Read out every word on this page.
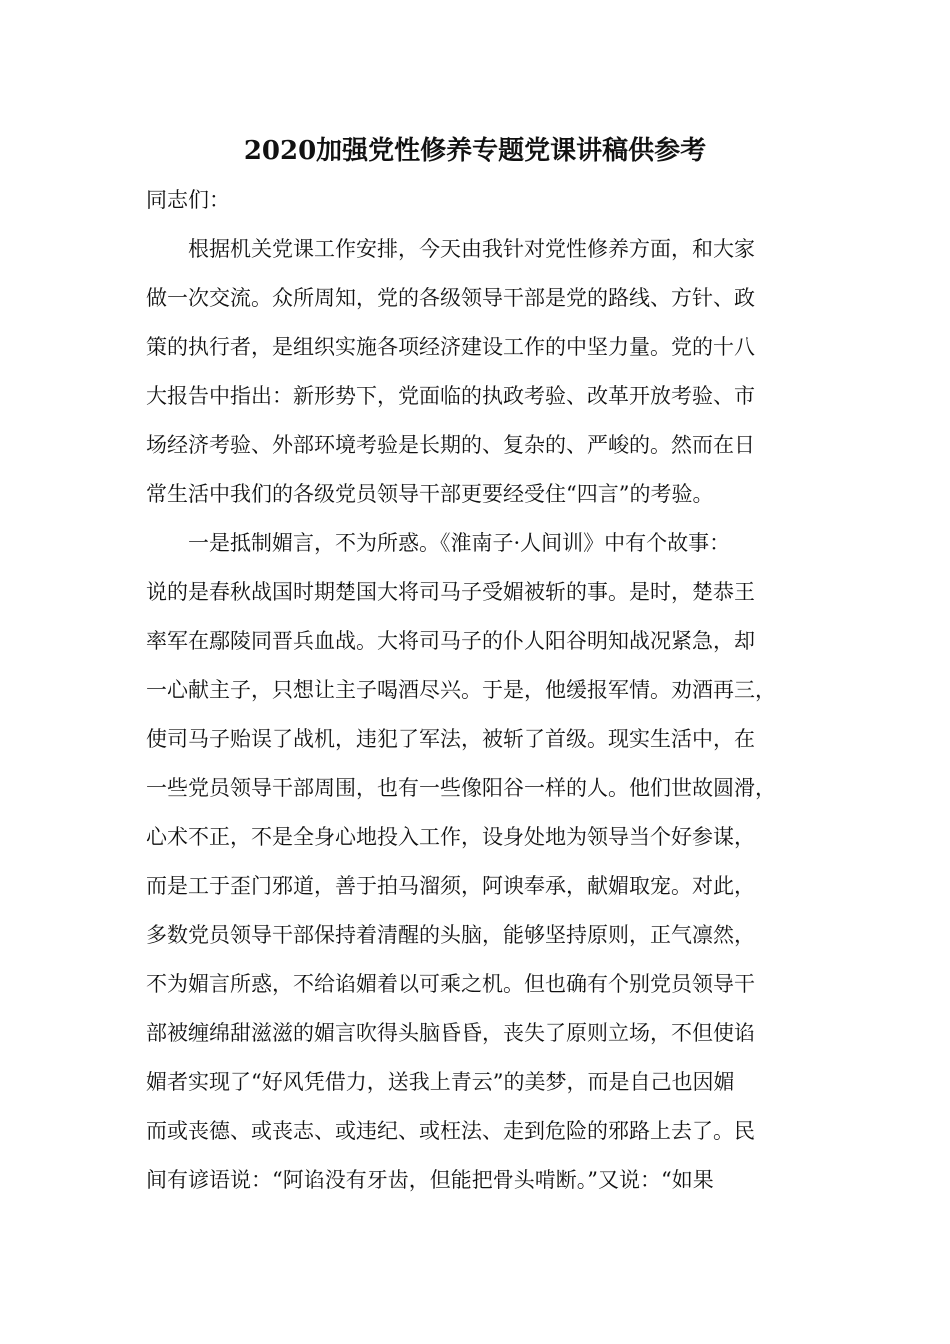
2020加强党性修养专题党课讲稿供参考
同志们：
　　根据机关党课工作安排，今天由我针对党性修养方面，和大家
做一次交流。众所周知，党的各级领导干部是党的路线、方针、政
策的执行者，是组织实施各项经济建设工作的中坚力量。党的十八
大报告中指出：新形势下，党面临的执政考验、改革开放考验、市
场经济考验、外部环境考验是长期的、复杂的、严峻的。然而在日
常生活中我们的各级党员领导干部更要经受住“四言”的考验。
　　一是抵制媚言，不为所惑。《淮南子·人间训》中有个故事：
说的是春秋战国时期楚国大将司马子受媚被斩的事。是时，楚恭王
率军在鄢陵同晋兵血战。大将司马子的仆人阳谷明知战况紧急，却
一心献主子，只想让主子喝酒尽兴。于是，他缓报军情。劝酒再三，
使司马子贻误了战机，违犯了军法，被斩了首级。现实生活中，在
一些党员领导干部周围，也有一些像阳谷一样的人。他们世故圆滑，
心术不正，不是全身心地投入工作，设身处地为领导当个好参谋，
而是工于歪门邪道，善于拍马溜须，阿谀奉承，献媚取宠。对此，
多数党员领导干部保持着清醒的头脑，能够坚持原则，正气凛然，
不为媚言所惑，不给谄媚着以可乘之机。但也确有个别党员领导干
部被缠绵甜滋滋的媚言吹得头脑昏昏，丧失了原则立场，不但使谄
媚者实现了“好风凭借力，送我上青云”的美梦，而是自己也因媚
而或丧德、或丧志、或违纪、或枉法、走到危险的邪路上去了。民
间有谚语说：“阿谄没有牙齿，但能把骨头啃断。”又说：“如果
